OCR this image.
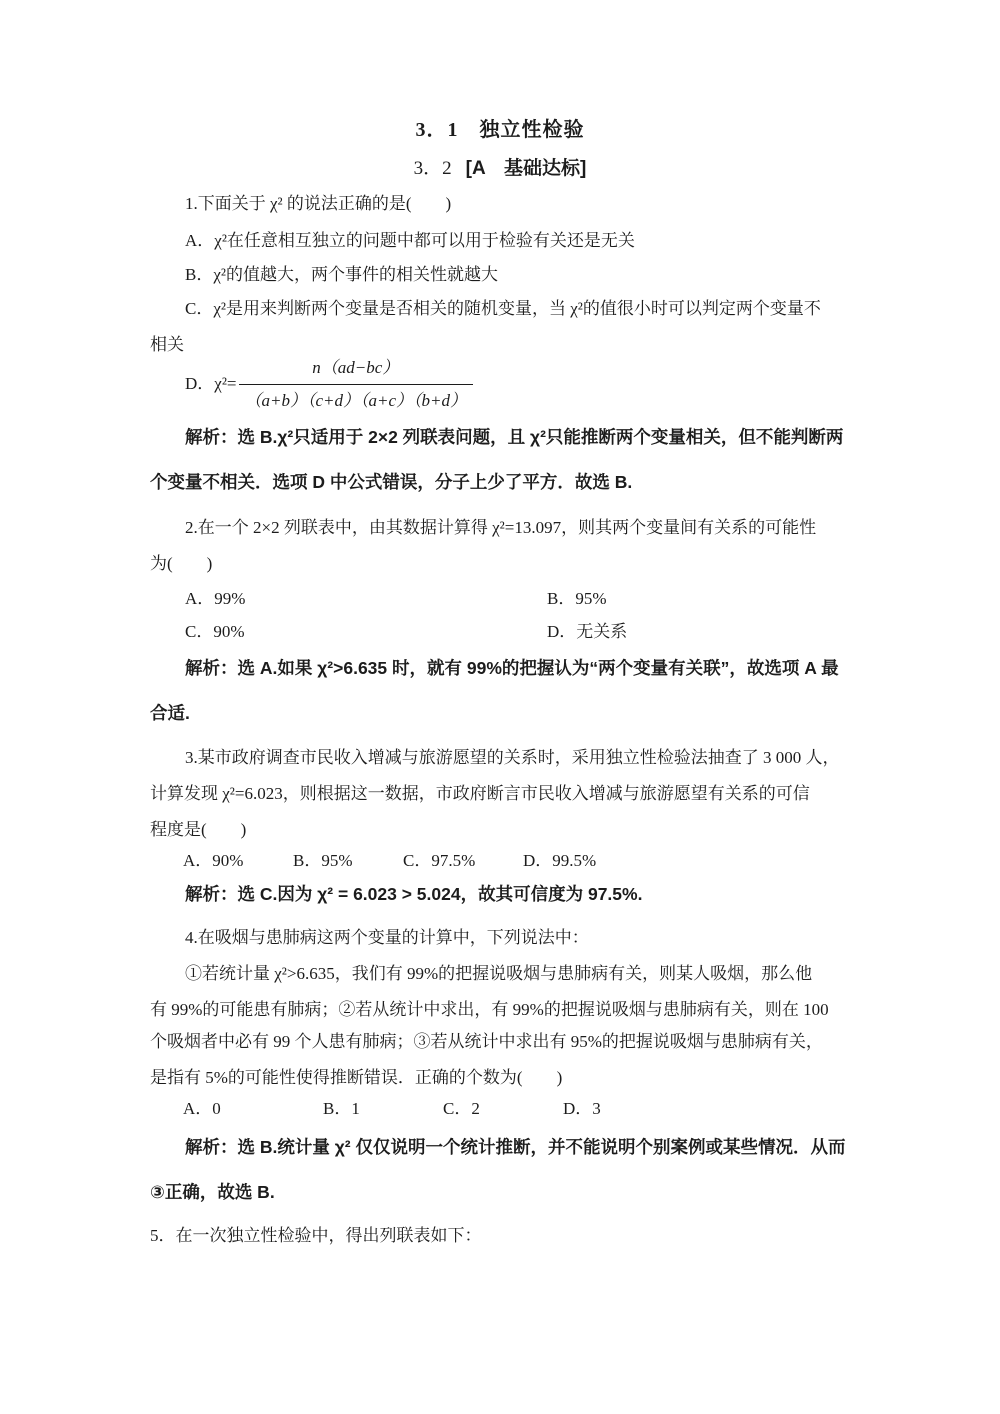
3．1　独立性检验
3．2 [A　基础达标]
1.下面关于 χ² 的说法正确的是(　　)
A．χ²在任意相互独立的问题中都可以用于检验有关还是无关
B．χ²的值越大，两个事件的相关性就越大
C．χ²是用来判断两个变量是否相关的随机变量，当 χ²的值很小时可以判定两个变量不
相关
D．$\chi^2= \frac{n(ad-bc)}{(a+b)(c+d)(a+c)(b+d)}$
解析：选 B.χ²只适用于 2×2 列联表问题，且 χ²只能推断两个变量相关，但不能判断两
个变量不相关．选项 D 中公式错误，分子上少了平方．故选 B.
2.在一个 2×2 列联表中，由其数据计算得 χ²=13.097，则其两个变量间有关系的可能性
为(　　)
A．99%	B．95%
C．90%	D．无关系
解析：选 A.如果 χ²>6.635 时，就有 99%的把握认为“两个变量有关联”，故选项 A 最
合适.
3.某市政府调查市民收入增减与旅游愿望的关系时，采用独立性检验法抽查了 3 000 人，
计算发现 χ²=6.023，则根据这一数据，市政府断言市民收入增减与旅游愿望有关系的可信
程度是(　　)
A．90%	B．95%	C．97.5%	D．99.5%
解析：选 C.因为 χ² = 6.023 > 5.024，故其可信度为 97.5%.
4.在吸烟与患肺病这两个变量的计算中，下列说法中：
①若统计量 χ²>6.635，我们有 99%的把握说吸烟与患肺病有关，则某人吸烟，那么他
有 99%的可能患有肺病；②若从统计中求出，有 99%的把握说吸烟与患肺病有关，则在 100
个吸烟者中必有 99 个人患有肺病；③若从统计中求出有 95%的把握说吸烟与患肺病有关，
是指有 5%的可能性使得推断错误．正确的个数为(　　)
A．0	B．1	C．2	D．3
解析：选 B.统计量 χ² 仅仅说明一个统计推断，并不能说明个别案例或某些情况．从而
③正确，故选 B.
5．在一次独立性检验中，得出列联表如下：
